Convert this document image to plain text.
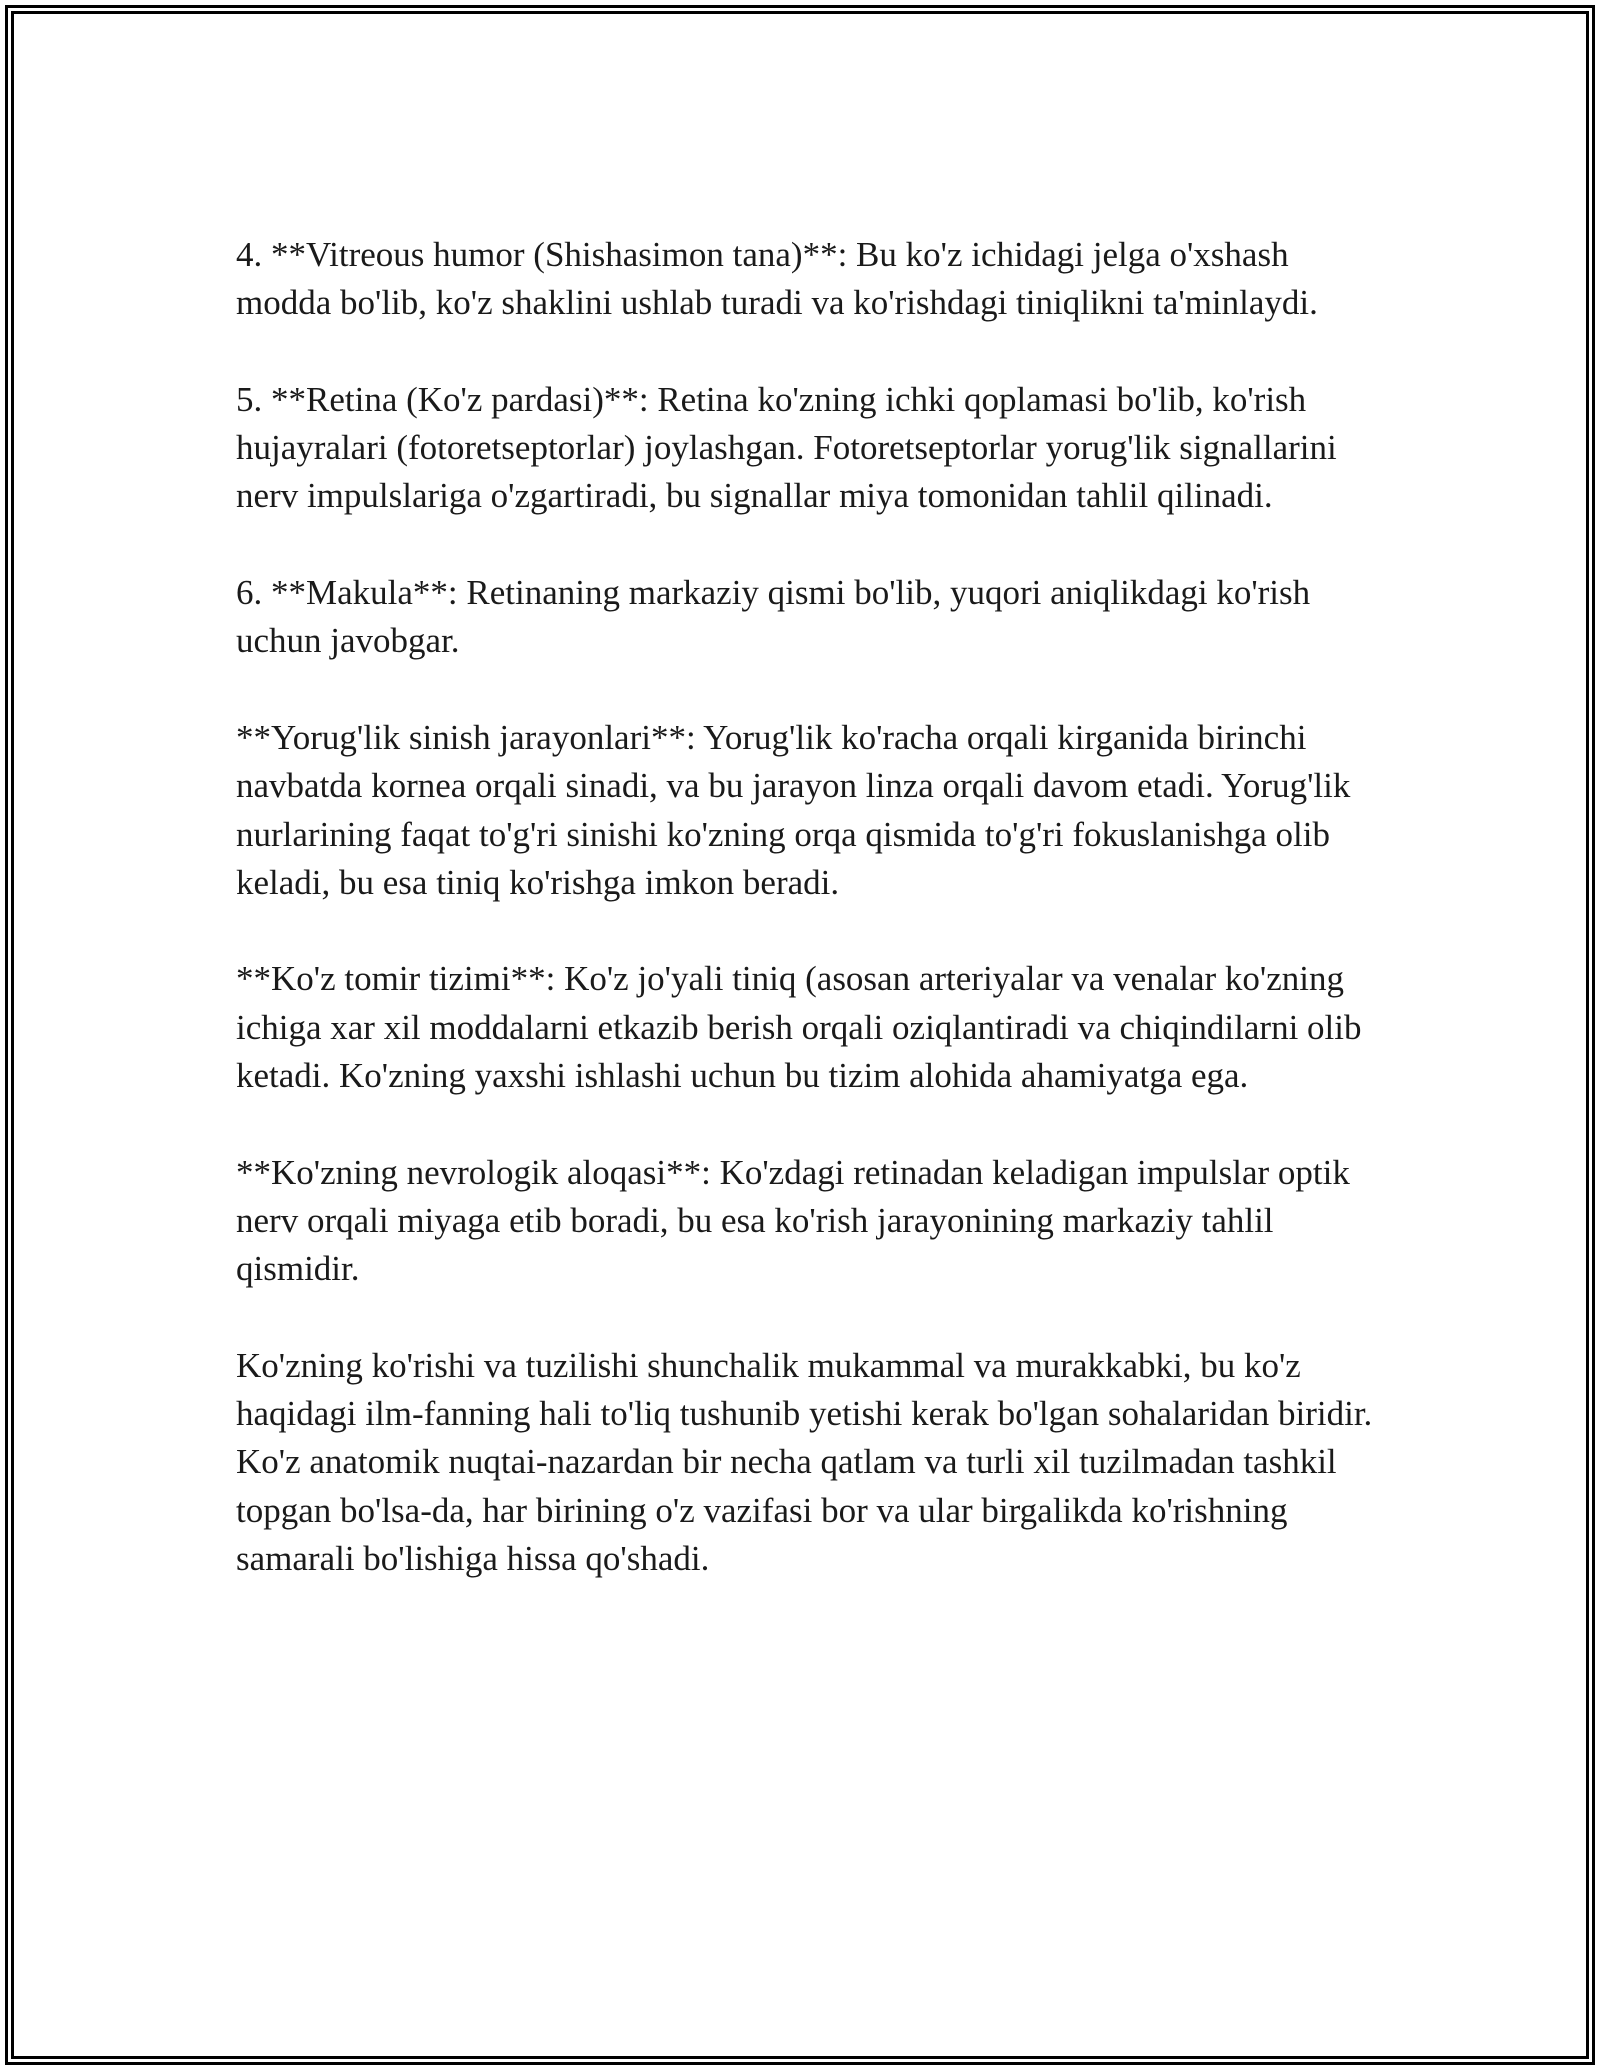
4. **Vitreous humor (Shishasimon tana)**: Bu ko'z ichidagi jelga o'xshash modda bo'lib, ko'z shaklini ushlab turadi va ko'rishdagi tiniqlikni ta'minlaydi.

5. **Retina (Ko'z pardasi)**: Retina ko'zning ichki qoplamasi bo'lib, ko'rish hujayralari (fotoretseptorlar) joylashgan. Fotoretseptorlar yorug'lik signallarini nerv impulslariga o'zgartiradi, bu signallar miya tomonidan tahlil qilinadi.

6. **Makula**: Retinaning markaziy qismi bo'lib, yuqori aniqlikdagi ko'rish uchun javobgar.

**Yorug'lik sinish jarayonlari**: Yorug'lik ko'racha orqali kirganida birinchi navbatda kornea orqali sinadi, va bu jarayon linza orqali davom etadi. Yorug'lik nurlarining faqat to'g'ri sinishi ko'zning orqa qismida to'g'ri fokuslanishga olib keladi, bu esa tiniq ko'rishga imkon beradi.

**Ko'z tomir tizimi**: Ko'z jo'yali tiniq (asosan arteriyalar va venalar ko'zning ichiga xar xil moddalarni etkazib berish orqali oziqlantiradi va chiqindilarni olib ketadi. Ko'zning yaxshi ishlashi uchun bu tizim alohida ahamiyatga ega.

**Ko'zning nevrologik aloqasi**: Ko'zdagi retinadan keladigan impulslar optik nerv orqali miyaga etib boradi, bu esa ko'rish jarayonining markaziy tahlil qismidir.

Ko'zning ko'rishi va tuzilishi shunchalik mukammal va murakkabki, bu ko'z haqidagi ilm-fanning hali to'liq tushunib yetishi kerak bo'lgan sohalaridan biridir. Ko'z anatomik nuqtai-nazardan bir necha qatlam va turli xil tuzilmadan tashkil topgan bo'lsa-da, har birining o'z vazifasi bor va ular birgalikda ko'rishning samarali bo'lishiga hissa qo'shadi.
